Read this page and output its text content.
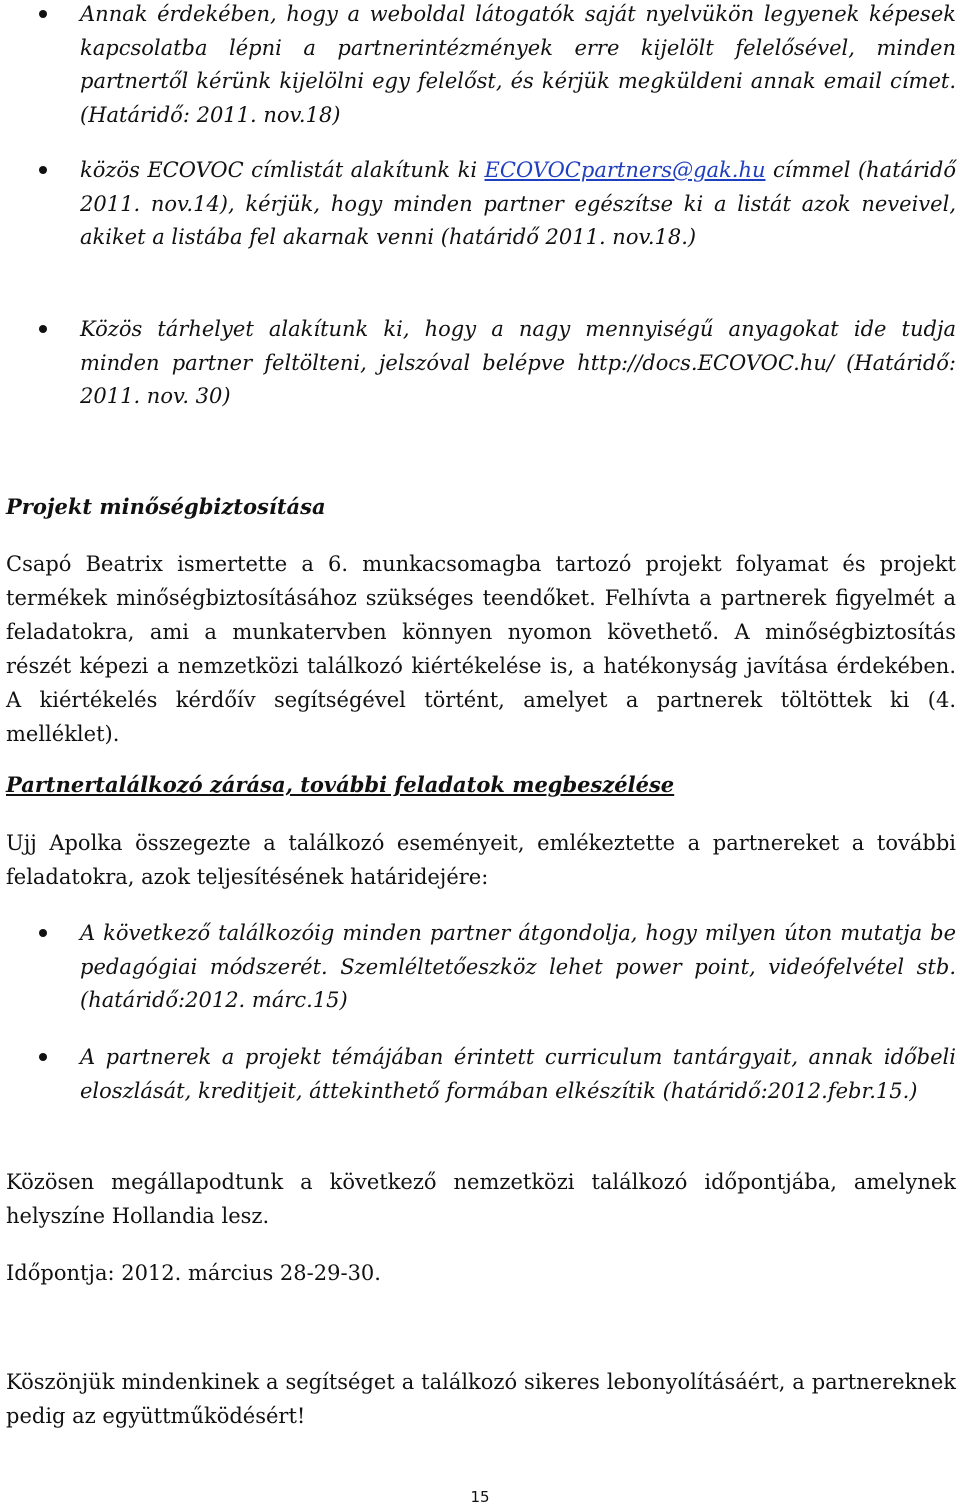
Annak érdekében, hogy a weboldal látogatók saját nyelvükön legyenek képesek kapcsolatba lépni a partnerintézmények erre kijelölt felelősével, minden partnertől kérünk kijelölni egy felelőst, és kérjük megküldeni annak email címet.(Határidő: 2011. nov.18)

közös ECOVOC címlistát alakítunk ki ECOVOCpartners@gak.hu címmel (határidő 2011. nov.14), kérjük, hogy minden partner egészítse ki a listát azok neveivel, akiket a listába fel akarnak venni (határidő 2011. nov.18.)

Közös tárhelyet alakítunk ki, hogy a nagy mennyiségű anyagokat ide tudja minden partner feltölteni, jelszóval belépve http://docs.ECOVOC.hu/ (Határidő: 2011. nov. 30)

Projekt minőségbiztosítása

Csapó Beatrix ismertette a 6. munkacsomagba tartozó projekt folyamat és projekt termékek minőségbiztosításához szükséges teendőket. Felhívta a partnerek figyelmét a feladatokra, ami a munkatervben könnyen nyomon követhető. A minőségbiztosítás részét képezi a nemzetközi találkozó kiértékelése is, a hatékonyság javítása érdekében. A kiértékelés kérdőív segítségével történt, amelyet a partnerek töltöttek ki (4. melléklet).

Partnertalálkozó zárása, további feladatok megbeszélése

Ujj Apolka összegezte a találkozó eseményeit, emlékeztette a partnereket a további feladatokra, azok teljesítésének határidejére:

A következő találkozóig minden partner átgondolja, hogy milyen úton mutatja be pedagógiai módszerét. Szemléltetőeszköz lehet power point, videófelvétel stb.(határidő:2012. márc.15)

A partnerek a projekt témájában érintett curriculum tantárgyait, annak időbeli eloszlását, kreditjeit, áttekinthető formában elkészítik (határidő:2012.febr.15.)

Közösen megállapodtunk a következő nemzetközi találkozó időpontjába, amelynek helyszíne Hollandia lesz.

Időpontja: 2012. március 28-29-30.

Köszönjük mindenkinek a segítséget a találkozó sikeres lebonyolításáért, a partnereknek pedig az együttműködésért!

15
